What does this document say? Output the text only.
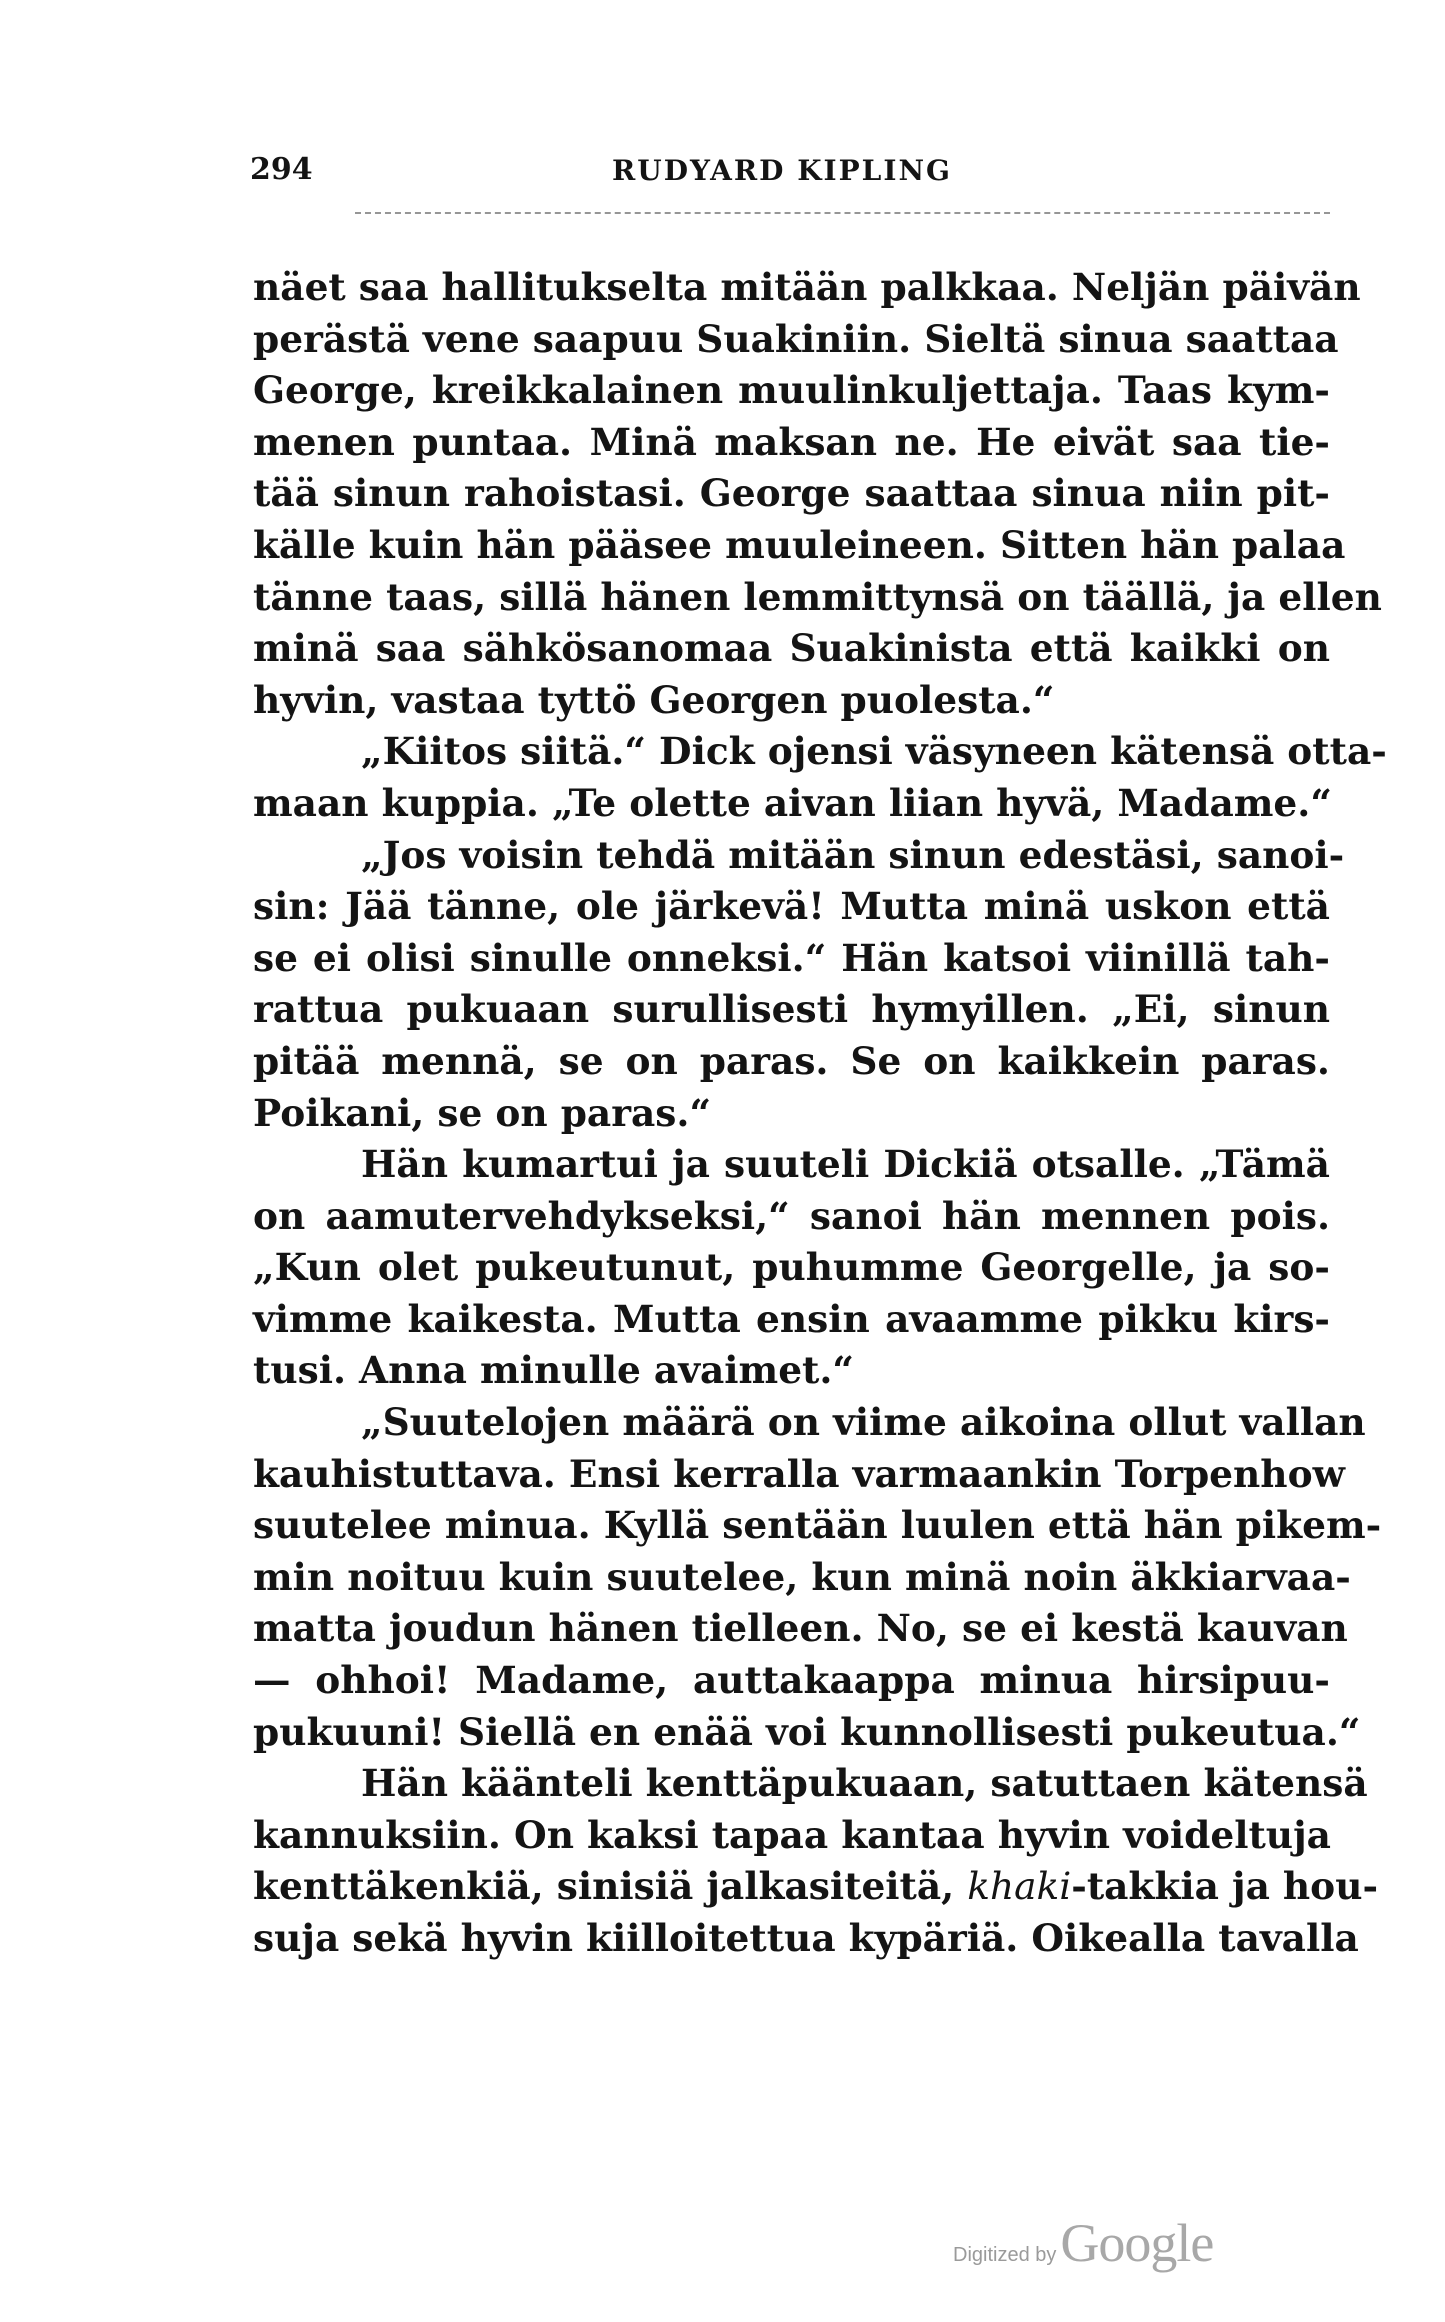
294	RUDYARD KIPLING
näet saa hallitukselta mitään palkkaa. Neljän päivän
perästä vene saapuu Suakiniin. Sieltä sinua saattaa
George, kreikkalainen muulinkuljettaja. Taas kym-
menen puntaa. Minä maksan ne. He eivät saa tie-
tää sinun rahoistasi. George saattaa sinua niin pit-
källe kuin hän pääsee muuleineen. Sitten hän palaa
tänne taas, sillä hänen lemmittynsä on täällä, ja ellen
minä saa sähkösanomaa Suakinista että kaikki on
hyvin, vastaa tyttö Georgen puolesta.“
„Kiitos siitä.“ Dick ojensi väsyneen kätensä otta-
maan kuppia. „Te olette aivan liian hyvä, Madame.“
„Jos voisin tehdä mitään sinun edestäsi, sanoi-
sin: Jää tänne, ole järkevä! Mutta minä uskon että
se ei olisi sinulle onneksi.“ Hän katsoi viinillä tah-
rattua pukuaan surullisesti hymyillen. „Ei, sinun
pitää mennä, se on paras. Se on kaikkein paras.
Poikani, se on paras.“
Hän kumartui ja suuteli Dickiä otsalle. „Tämä
on aamutervehdykseksi,“ sanoi hän mennen pois.
„Kun olet pukeutunut, puhumme Georgelle, ja so-
vimme kaikesta. Mutta ensin avaamme pikku kirs-
tusi. Anna minulle avaimet.“
„Suutelojen määrä on viime aikoina ollut vallan
kauhistuttava. Ensi kerralla varmaankin Torpenhow
suutelee minua. Kyllä sentään luulen että hän pikem-
min noituu kuin suutelee, kun minä noin äkkiarvaa-
matta joudun hänen tielleen. No, se ei kestä kauvan
— ohhoi! Madame, auttakaappa minua hirsipuu-
pukuuni! Siellä en enää voi kunnollisesti pukeutua.“
Hän käänteli kenttäpukuaan, satuttaen kätensä
kannuksiin. On kaksi tapaa kantaa hyvin voideltuja
kenttäkenkiä, sinisiä jalkasiteitä, khaki-takkia ja hou-
suja sekä hyvin kiilloitettua kypäriä. Oikealla tavalla
Digitized by Google
